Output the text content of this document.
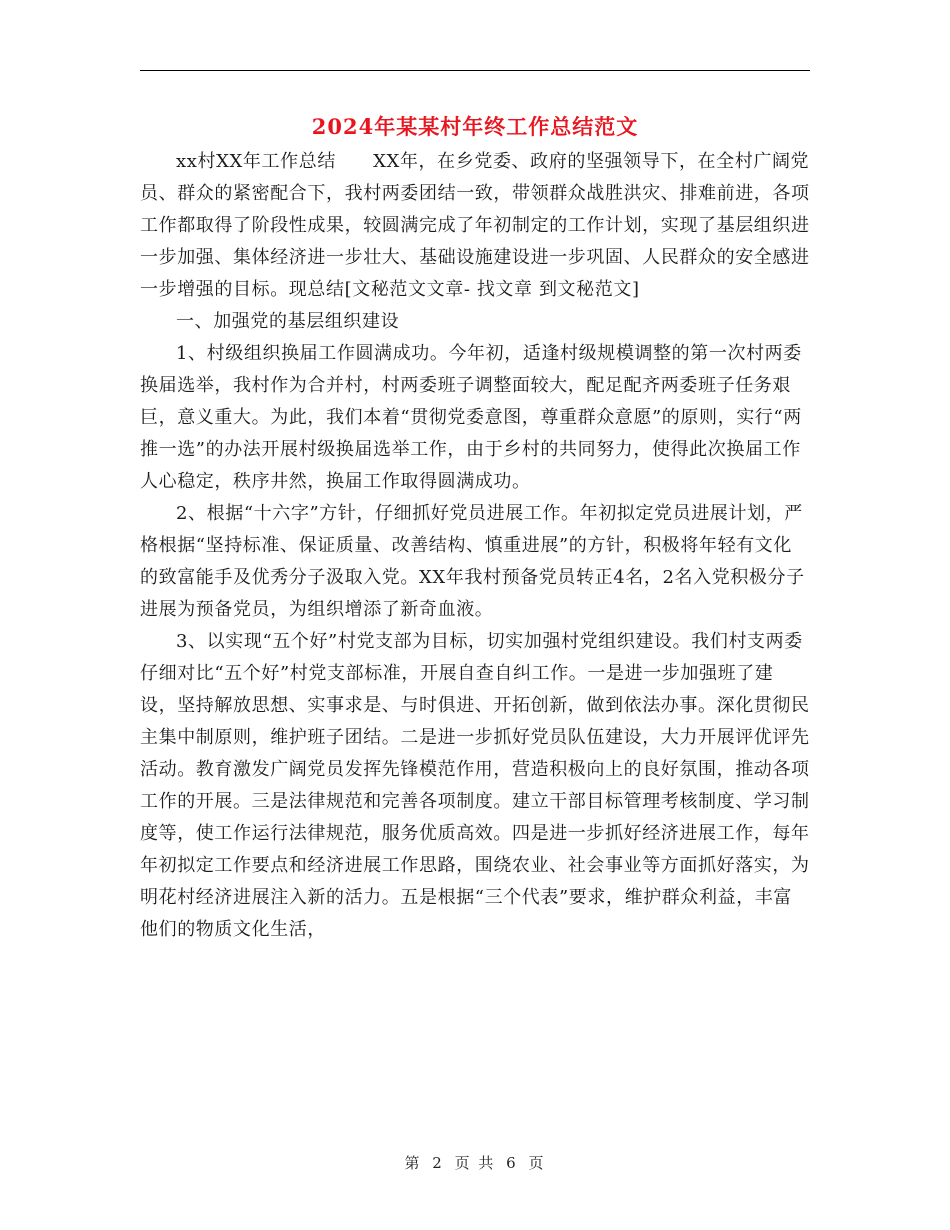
2024年某某村年终工作总结范文

xx村XX年工作总结　　XX年，在乡党委、政府的坚强领导下，在全村广阔党员、群众的紧密配合下，我村两委团结一致，带领群众战胜洪灾、排难前进，各项工作都取得了阶段性成果，较圆满完成了年初制定的工作计划，实现了基层组织进一步加强、集体经济进一步壮大、基础设施建设进一步巩固、人民群众的安全感进一步增强的目标。现总结[文秘范文文章- 找文章 到文秘范文]

一、加强党的基层组织建设

1、村级组织换届工作圆满成功。今年初，适逢村级规模调整的第一次村两委换届选举，我村作为合并村，村两委班子调整面较大，配足配齐两委班子任务艰巨，意义重大。为此，我们本着“贯彻党委意图，尊重群众意愿”的原则，实行“两推一选”的办法开展村级换届选举工作，由于乡村的共同努力，使得此次换届工作人心稳定，秩序井然，换届工作取得圆满成功。

2、根据“十六字”方针，仔细抓好党员进展工作。年初拟定党员进展计划，严格根据“坚持标准、保证质量、改善结构、慎重进展”的方针，积极将年轻有文化的致富能手及优秀分子汲取入党。XX年我村预备党员转正4名，2名入党积极分子进展为预备党员，为组织增添了新奇血液。

3、以实现“五个好”村党支部为目标，切实加强村党组织建设。我们村支两委仔细对比“五个好”村党支部标准，开展自查自纠工作。一是进一步加强班了建设，坚持解放思想、实事求是、与时俱进、开拓创新，做到依法办事。深化贯彻民主集中制原则，维护班子团结。二是进一步抓好党员队伍建设，大力开展评优评先活动。教育激发广阔党员发挥先锋模范作用，营造积极向上的良好氛围，推动各项工作的开展。三是法律规范和完善各项制度。建立干部目标管理考核制度、学习制度等，使工作运行法律规范，服务优质高效。四是进一步抓好经济进展工作，每年年初拟定工作要点和经济进展工作思路，围绕农业、社会事业等方面抓好落实，为明花村经济进展注入新的活力。五是根据“三个代表”要求，维护群众利益，丰富他们的物质文化生活，

第 2 页 共 6 页
